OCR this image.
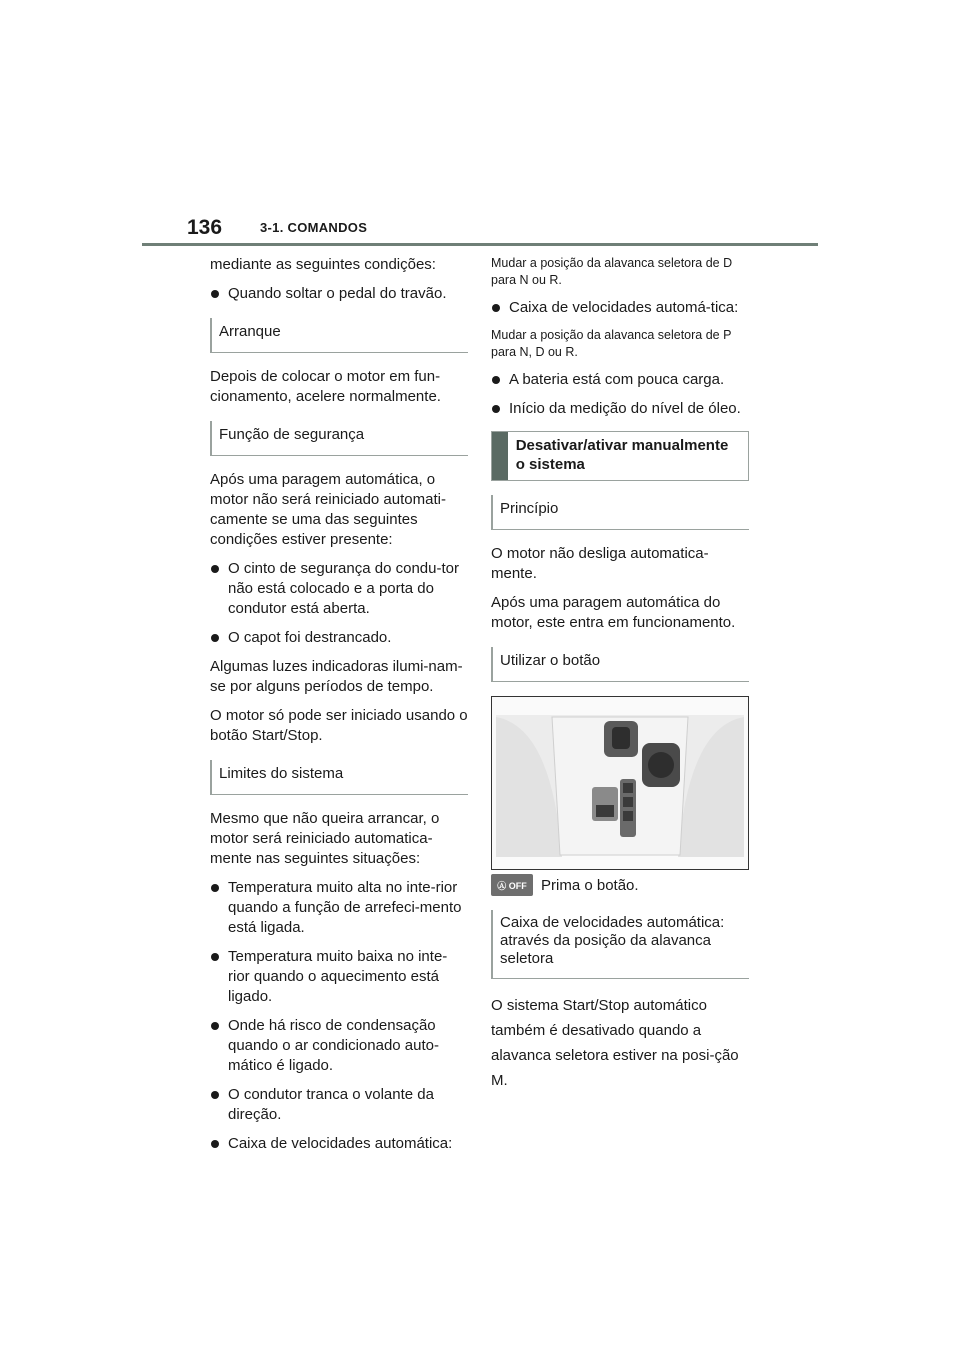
136	3-1. COMANDOS

mediante as seguintes condições:

Quando soltar o pedal do travão.
Arranque

Depois de colocar o motor em fun-cionamento, acelere normalmente.

Função de segurança

Após uma paragem automática, o motor não será reiniciado automati-camente se uma das seguintes condições estiver presente:

O cinto de segurança do condu-tor não está colocado e a porta do condutor está aberta.
O capot foi destrancado.

Algumas luzes indicadoras ilumi-nam-se por alguns períodos de tempo.

O motor só pode ser iniciado usando o botão Start/Stop.

Limites do sistema

Mesmo que não queira arrancar, o motor será reiniciado automatica-mente nas seguintes situações:

Temperatura muito alta no inte-rior quando a função de arrefeci-mento está ligada.
Temperatura muito baixa no inte-rior quando o aquecimento está ligado.
Onde há risco de condensação quando o ar condicionado auto-mático é ligado.
O condutor tranca o volante da direção.
Caixa de velocidades automática:

Mudar a posição da alavanca seletora de D para N ou R.

Caixa de velocidades automá-tica:

Mudar a posição da alavanca seletora de P para N, D ou R.

A bateria está com pouca carga.
Início da medição do nível de óleo.
Desativar/ativar manualmente o sistema
Princípio

O motor não desliga automatica-mente.

Após uma paragem automática do motor, este entra em funcionamento.

Utilizar o botão
Ⓐ OFF Prima o botão.
Caixa de velocidades automática: através da posição da alavanca seletora

O sistema Start/Stop automático também é desativado quando a alavanca seletora estiver na posi-ção M.
